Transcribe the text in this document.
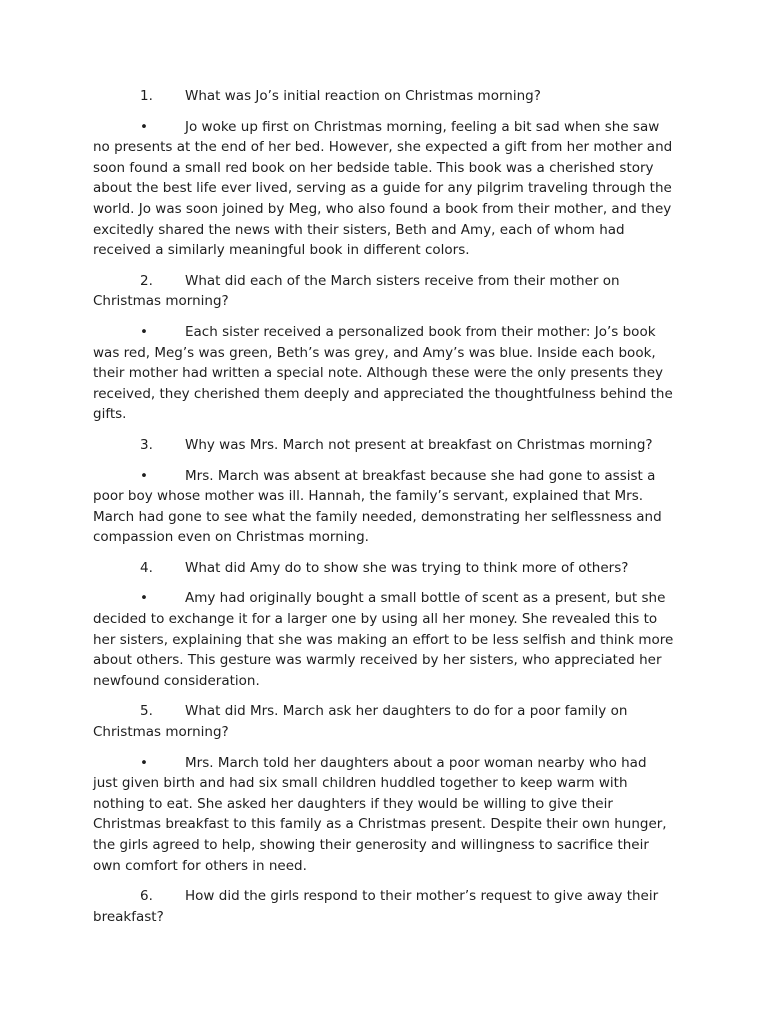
1. What was Jo’s initial reaction on Christmas morning?

•	Jo woke up first on Christmas morning, feeling a bit sad when she saw no presents at the end of her bed. However, she expected a gift from her mother and soon found a small red book on her bedside table. This book was a cherished story about the best life ever lived, serving as a guide for any pilgrim traveling through the world. Jo was soon joined by Meg, who also found a book from their mother, and they excitedly shared the news with their sisters, Beth and Amy, each of whom had received a similarly meaningful book in different colors.

2. What did each of the March sisters receive from their mother on Christmas morning?

•	Each sister received a personalized book from their mother: Jo’s book was red, Meg’s was green, Beth’s was grey, and Amy’s was blue. Inside each book, their mother had written a special note. Although these were the only presents they received, they cherished them deeply and appreciated the thoughtfulness behind the gifts.

3. Why was Mrs. March not present at breakfast on Christmas morning?

•	Mrs. March was absent at breakfast because she had gone to assist a poor boy whose mother was ill. Hannah, the family’s servant, explained that Mrs. March had gone to see what the family needed, demonstrating her selflessness and compassion even on Christmas morning.

4. What did Amy do to show she was trying to think more of others?

•	Amy had originally bought a small bottle of scent as a present, but she decided to exchange it for a larger one by using all her money. She revealed this to her sisters, explaining that she was making an effort to be less selfish and think more about others. This gesture was warmly received by her sisters, who appreciated her newfound consideration.

5. What did Mrs. March ask her daughters to do for a poor family on Christmas morning?

•	Mrs. March told her daughters about a poor woman nearby who had just given birth and had six small children huddled together to keep warm with nothing to eat. She asked her daughters if they would be willing to give their Christmas breakfast to this family as a Christmas present. Despite their own hunger, the girls agreed to help, showing their generosity and willingness to sacrifice their own comfort for others in need.

6. How did the girls respond to their mother’s request to give away their breakfast?
